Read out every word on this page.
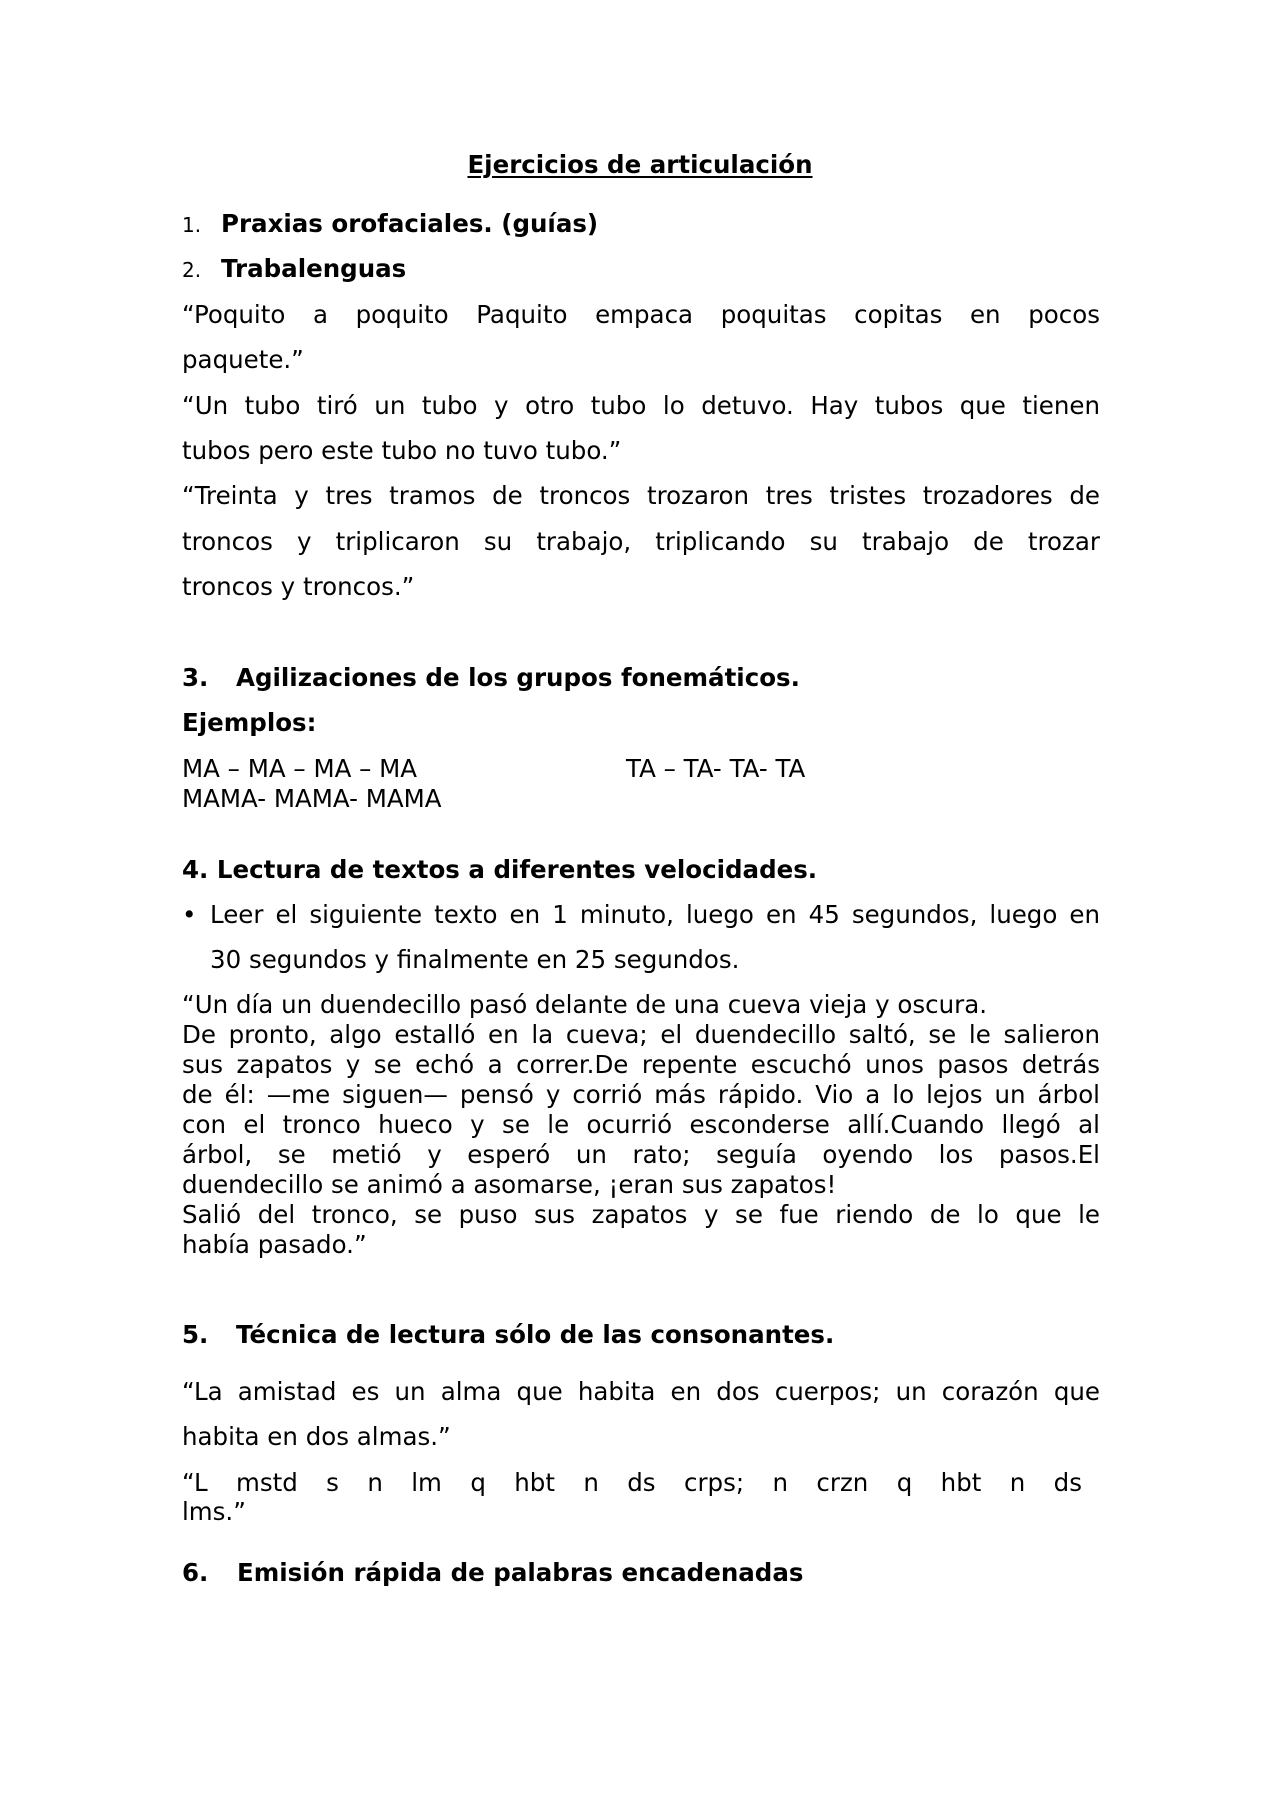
Ejercicios de articulación
1. Praxias orofaciales. (guías)
2. Trabalenguas
“Poquito a poquito Paquito empaca poquitas copitas en pocos
paquete.”
“Un tubo tiró un tubo y otro tubo lo detuvo. Hay tubos que tienen
tubos pero este tubo no tuvo tubo.”
“Treinta y tres tramos de troncos trozaron tres tristes trozadores de
troncos y triplicaron su trabajo, triplicando su trabajo de trozar
troncos y troncos.”
3. Agilizaciones de los grupos fonemáticos.
Ejemplos:
MA – MA – MA – MA	TA – TA- TA- TA
MAMA- MAMA- MAMA
4. Lectura de textos a diferentes velocidades.
• Leer el siguiente texto en 1 minuto, luego en 45 segundos, luego en
30 segundos y finalmente en 25 segundos.
“Un día un duendecillo pasó delante de una cueva vieja y oscura.
De pronto, algo estalló en la cueva; el duendecillo saltó, se le salieron
sus zapatos y se echó a correr.De repente escuchó unos pasos detrás
de él: —me siguen— pensó y corrió más rápido. Vio a lo lejos un árbol
con el tronco hueco y se le ocurrió esconderse allí.Cuando llegó al
árbol, se metió y esperó un rato; seguía oyendo los pasos.El
duendecillo se animó a asomarse, ¡eran sus zapatos!
Salió del tronco, se puso sus zapatos y se fue riendo de lo que le
había pasado.”
5. Técnica de lectura sólo de las consonantes.
“La amistad es un alma que habita en dos cuerpos; un corazón que
habita en dos almas.”
“L mstd s n lm q hbt n ds crps; n crzn q hbt n ds lms.”
6. Emisión rápida de palabras encadenadas
